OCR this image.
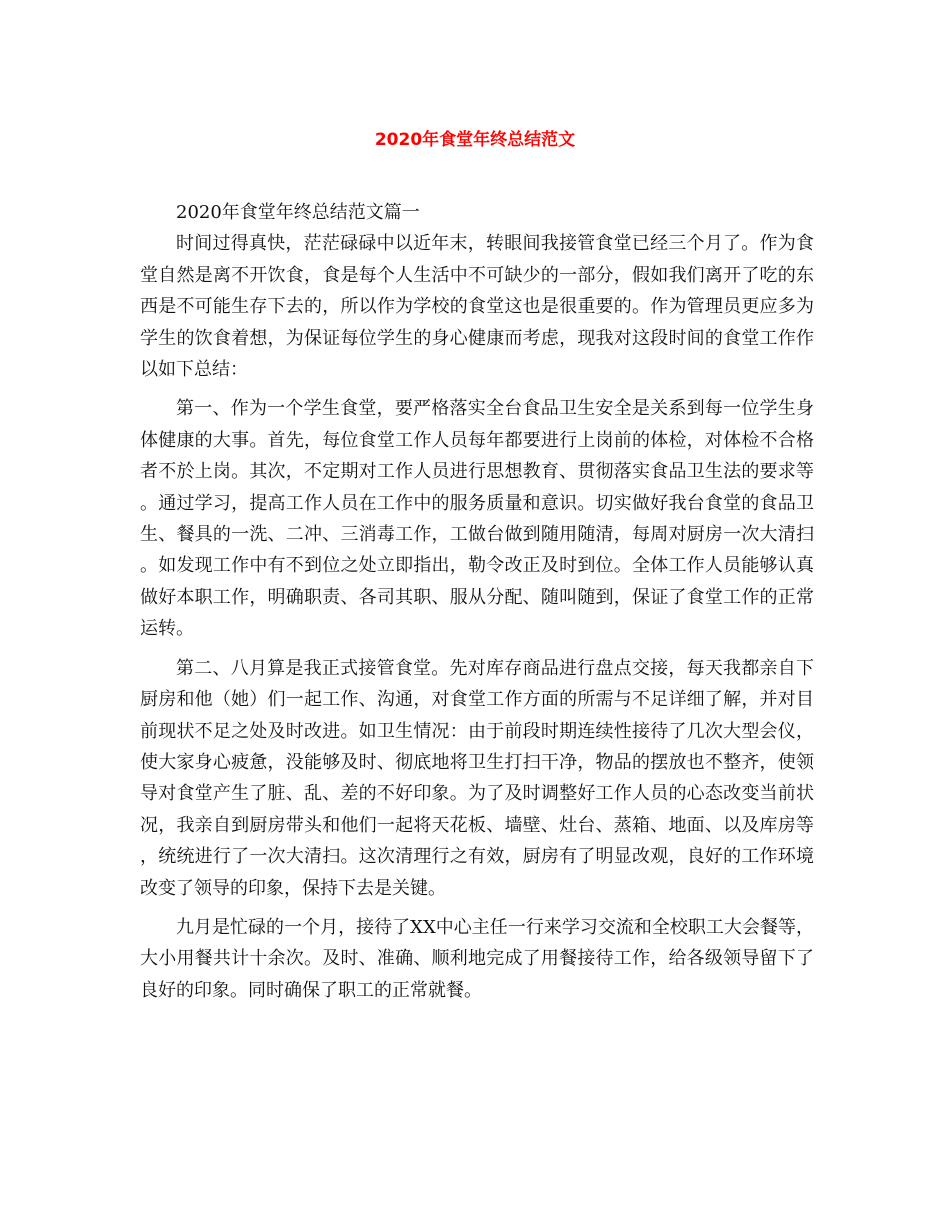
2020年食堂年终总结范文

2020年食堂年终总结范文篇一

时间过得真快，茫茫碌碌中以近年末，转眼间我接管食堂已经三个月了。作为食堂自然是离不开饮食，食是每个人生活中不可缺少的一部分，假如我们离开了吃的东西是不可能生存下去的，所以作为学校的食堂这也是很重要的。作为管理员更应多为学生的饮食着想，为保证每位学生的身心健康而考虑，现我对这段时间的食堂工作作以如下总结：

第一、作为一个学生食堂，要严格落实全台食品卫生安全是关系到每一位学生身体健康的大事。首先，每位食堂工作人员每年都要进行上岗前的体检，对体检不合格者不於上岗。其次，不定期对工作人员进行思想教育、贯彻落实食品卫生法的要求等。通过学习，提高工作人员在工作中的服务质量和意识。切实做好我台食堂的食品卫生、餐具的一洗、二冲、三消毒工作，工做台做到随用随清，每周对厨房一次大清扫。如发现工作中有不到位之处立即指出，勒令改正及时到位。全体工作人员能够认真做好本职工作，明确职责、各司其职、服从分配、随叫随到，保证了食堂工作的正常运转。

第二、八月算是我正式接管食堂。先对库存商品进行盘点交接，每天我都亲自下厨房和他（她）们一起工作、沟通，对食堂工作方面的所需与不足详细了解，并对目前现状不足之处及时改进。如卫生情况：由于前段时期连续性接待了几次大型会仪，使大家身心疲惫，没能够及时、彻底地将卫生打扫干净，物品的摆放也不整齐，使领导对食堂产生了脏、乱、差的不好印象。为了及时调整好工作人员的心态改变当前状况，我亲自到厨房带头和他们一起将天花板、墙壁、灶台、蒸箱、地面、以及库房等，统统进行了一次大清扫。这次清理行之有效，厨房有了明显改观，良好的工作环境改变了领导的印象，保持下去是关键。

九月是忙碌的一个月，接待了XX中心主任一行来学习交流和全校职工大会餐等，大小用餐共计十余次。及时、准确、顺利地完成了用餐接待工作，给各级领导留下了良好的印象。同时确保了职工的正常就餐。
